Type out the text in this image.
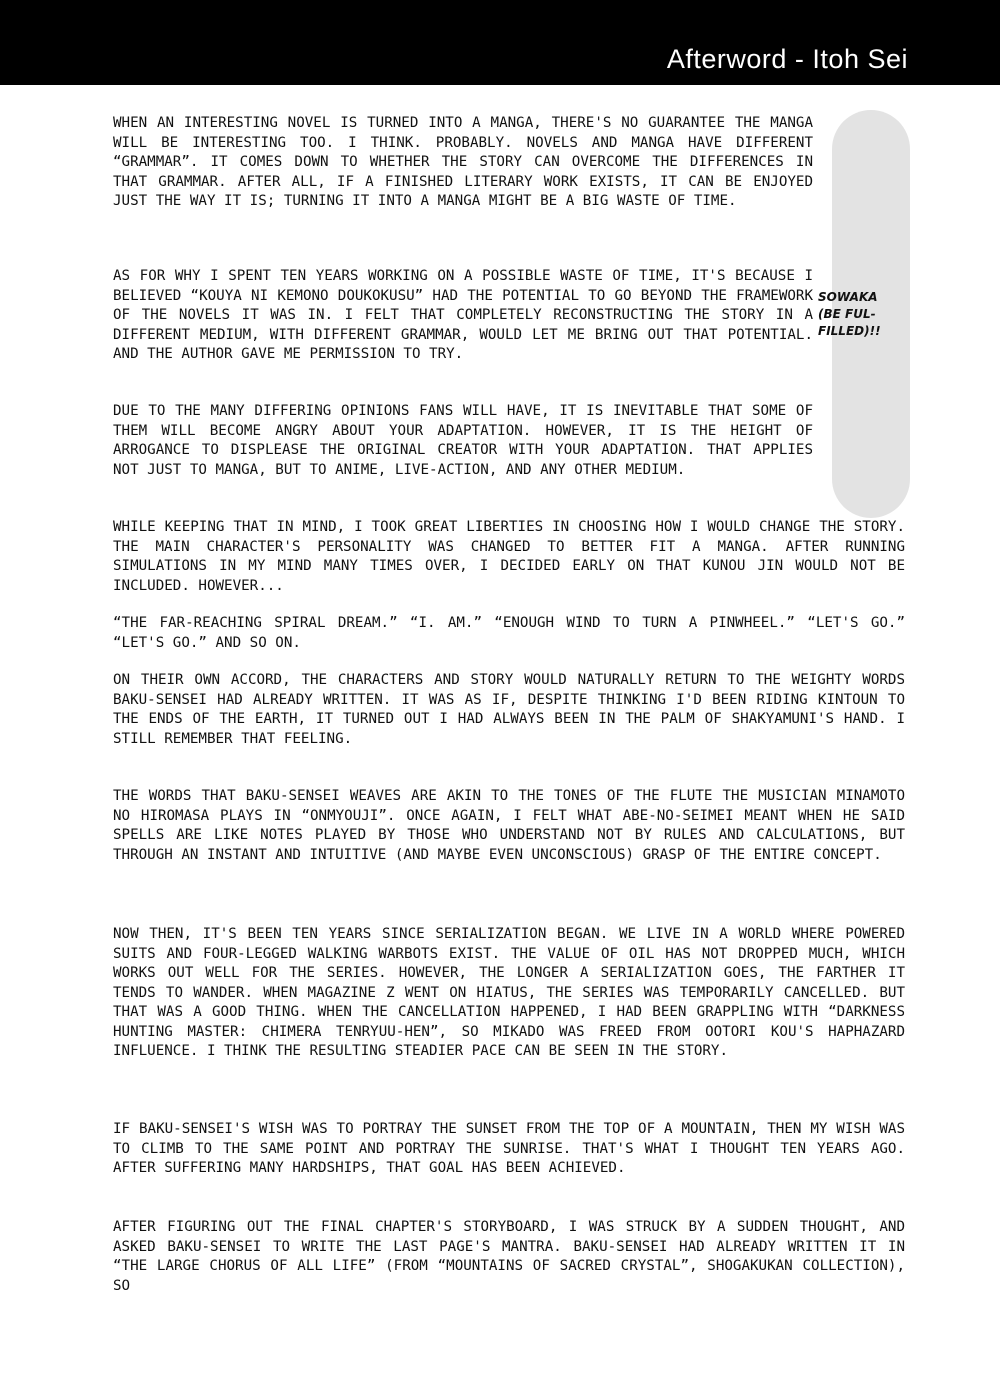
Afterword - Itoh Sei
SOWAKA
(BE FUL-
FILLED)!!

WHEN AN INTERESTING NOVEL IS TURNED INTO A MANGA, THERE'S NO GUARANTEE THE MANGA WILL BE INTERESTING TOO. I THINK. PROBABLY. NOVELS AND MANGA HAVE DIFFERENT “GRAMMAR”. IT COMES DOWN TO WHETHER THE STORY CAN OVERCOME THE DIFFERENCES IN THAT GRAMMAR. AFTER ALL, IF A FINISHED LITERARY WORK EXISTS, IT CAN BE ENJOYED JUST THE WAY IT IS; TURNING IT INTO A MANGA MIGHT BE A BIG WASTE OF TIME.

AS FOR WHY I SPENT TEN YEARS WORKING ON A POSSIBLE WASTE OF TIME, IT'S BECAUSE I BELIEVED “KOUYA NI KEMONO DOUKOKUSU” HAD THE POTENTIAL TO GO BEYOND THE FRAMEWORK OF THE NOVELS IT WAS IN. I FELT THAT COMPLETELY RECONSTRUCTING THE STORY IN A DIFFERENT MEDIUM, WITH DIFFERENT GRAMMAR, WOULD LET ME BRING OUT THAT POTENTIAL. AND THE AUTHOR GAVE ME PERMISSION TO TRY.

DUE TO THE MANY DIFFERING OPINIONS FANS WILL HAVE, IT IS INEVITABLE THAT SOME OF THEM WILL BECOME ANGRY ABOUT YOUR ADAPTATION. HOWEVER, IT IS THE HEIGHT OF ARROGANCE TO DISPLEASE THE ORIGINAL CREATOR WITH YOUR ADAPTATION. THAT APPLIES NOT JUST TO MANGA, BUT TO ANIME, LIVE-ACTION, AND ANY OTHER MEDIUM.

WHILE KEEPING THAT IN MIND, I TOOK GREAT LIBERTIES IN CHOOSING HOW I WOULD CHANGE THE STORY. THE MAIN CHARACTER'S PERSONALITY WAS CHANGED TO BETTER FIT A MANGA. AFTER RUNNING SIMULATIONS IN MY MIND MANY TIMES OVER, I DECIDED EARLY ON THAT KUNOU JIN WOULD NOT BE INCLUDED. HOWEVER...

“THE FAR-REACHING SPIRAL DREAM.” “I. AM.” “ENOUGH WIND TO TURN A PINWHEEL.” “LET'S GO.” “LET'S GO.” AND SO ON.

ON THEIR OWN ACCORD, THE CHARACTERS AND STORY WOULD NATURALLY RETURN TO THE WEIGHTY WORDS BAKU-SENSEI HAD ALREADY WRITTEN. IT WAS AS IF, DESPITE THINKING I'D BEEN RIDING KINTOUN TO THE ENDS OF THE EARTH, IT TURNED OUT I HAD ALWAYS BEEN IN THE PALM OF SHAKYAMUNI'S HAND. I STILL REMEMBER THAT FEELING.

THE WORDS THAT BAKU-SENSEI WEAVES ARE AKIN TO THE TONES OF THE FLUTE THE MUSICIAN MINAMOTO NO HIROMASA PLAYS IN “ONMYOUJI”. ONCE AGAIN, I FELT WHAT ABE-NO-SEIMEI MEANT WHEN HE SAID SPELLS ARE LIKE NOTES PLAYED BY THOSE WHO UNDERSTAND NOT BY RULES AND CALCULATIONS, BUT THROUGH AN INSTANT AND INTUITIVE (AND MAYBE EVEN UNCONSCIOUS) GRASP OF THE ENTIRE CONCEPT.

NOW THEN, IT'S BEEN TEN YEARS SINCE SERIALIZATION BEGAN. WE LIVE IN A WORLD WHERE POWERED SUITS AND FOUR-LEGGED WALKING WARBOTS EXIST. THE VALUE OF OIL HAS NOT DROPPED MUCH, WHICH WORKS OUT WELL FOR THE SERIES. HOWEVER, THE LONGER A SERIALIZATION GOES, THE FARTHER IT TENDS TO WANDER. WHEN MAGAZINE Z WENT ON HIATUS, THE SERIES WAS TEMPORARILY CANCELLED. BUT THAT WAS A GOOD THING. WHEN THE CANCELLATION HAPPENED, I HAD BEEN GRAPPLING WITH “DARKNESS HUNTING MASTER: CHIMERA TENRYUU-HEN”, SO MIKADO WAS FREED FROM OOTORI KOU'S HAPHAZARD INFLUENCE. I THINK THE RESULTING STEADIER PACE CAN BE SEEN IN THE STORY.

IF BAKU-SENSEI'S WISH WAS TO PORTRAY THE SUNSET FROM THE TOP OF A MOUNTAIN, THEN MY WISH WAS TO CLIMB TO THE SAME POINT AND PORTRAY THE SUNRISE. THAT'S WHAT I THOUGHT TEN YEARS AGO. AFTER SUFFERING MANY HARDSHIPS, THAT GOAL HAS BEEN ACHIEVED.

AFTER FIGURING OUT THE FINAL CHAPTER'S STORYBOARD, I WAS STRUCK BY A SUDDEN THOUGHT, AND ASKED BAKU-SENSEI TO WRITE THE LAST PAGE'S MANTRA. BAKU-SENSEI HAD ALREADY WRITTEN IT IN “THE LARGE CHORUS OF ALL LIFE” (FROM “MOUNTAINS OF SACRED CRYSTAL”, SHOGAKUKAN COLLECTION), SO
